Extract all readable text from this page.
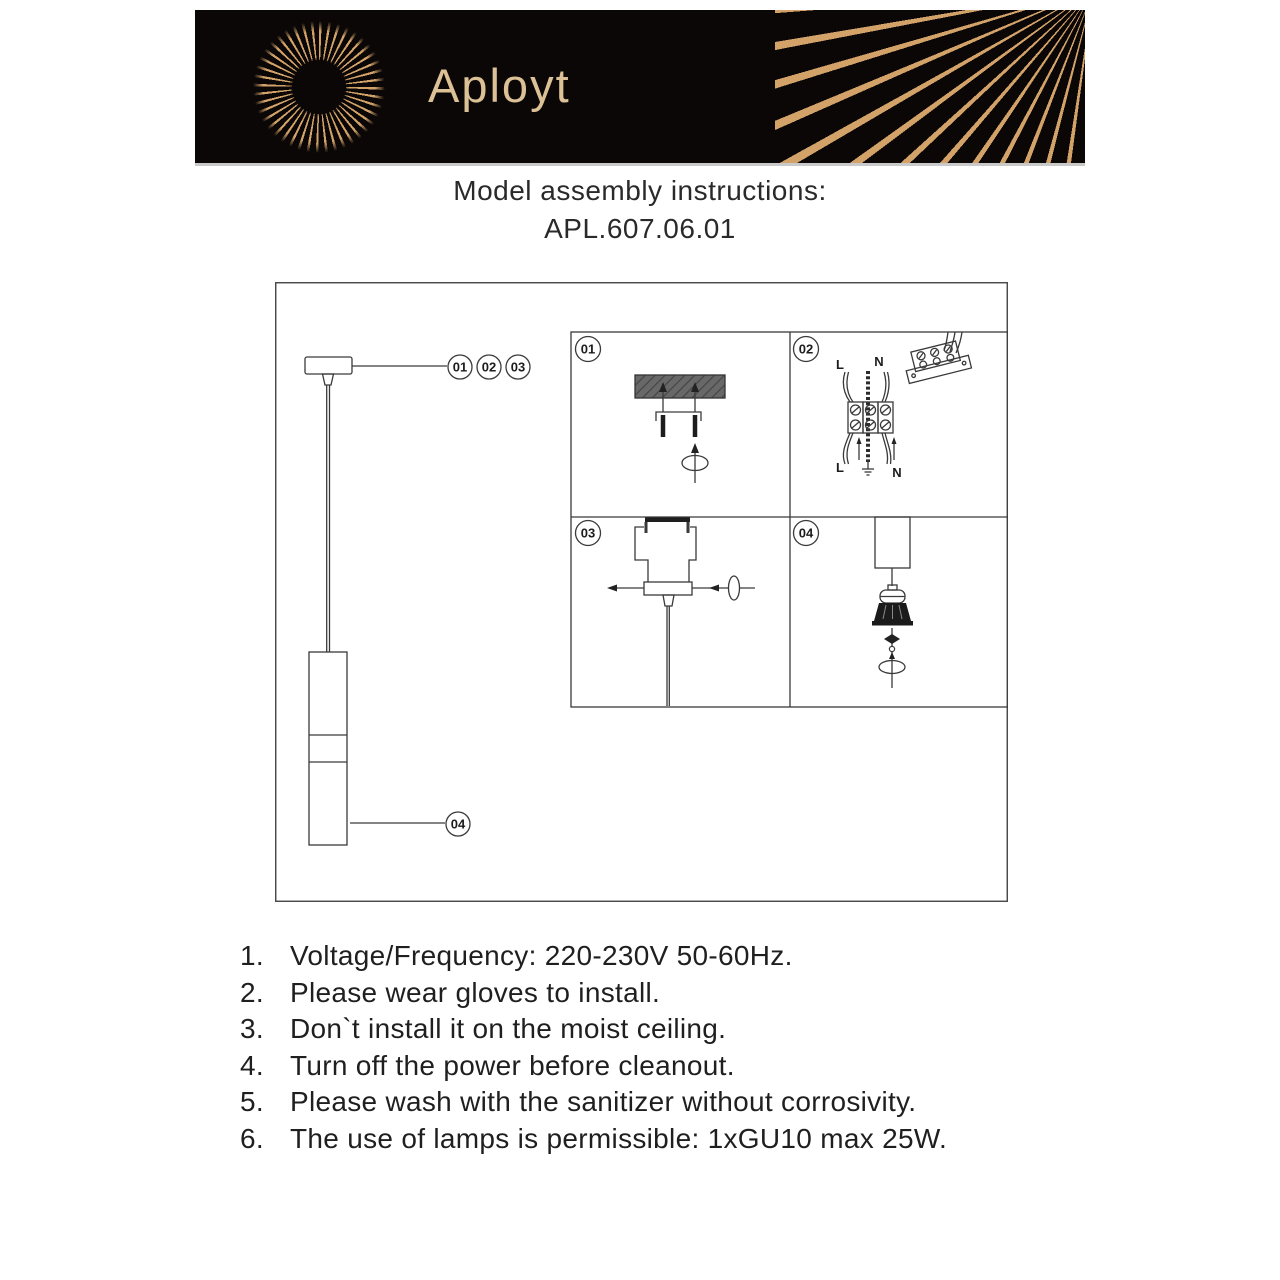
Aployt
Model assembly instructions:
APL.607.06.01
01 02 03
04
01	02
03	04
L N
L	N
1. Voltage/Frequency: 220-230V 50-60Hz.
2. Please wear gloves to install.
3. Don`t install it on the moist ceiling.
4. Turn off the power before cleanout.
5. Please wash with the sanitizer without corrosivity.
6. The use of lamps is permissible: 1xGU10 max 25W.
